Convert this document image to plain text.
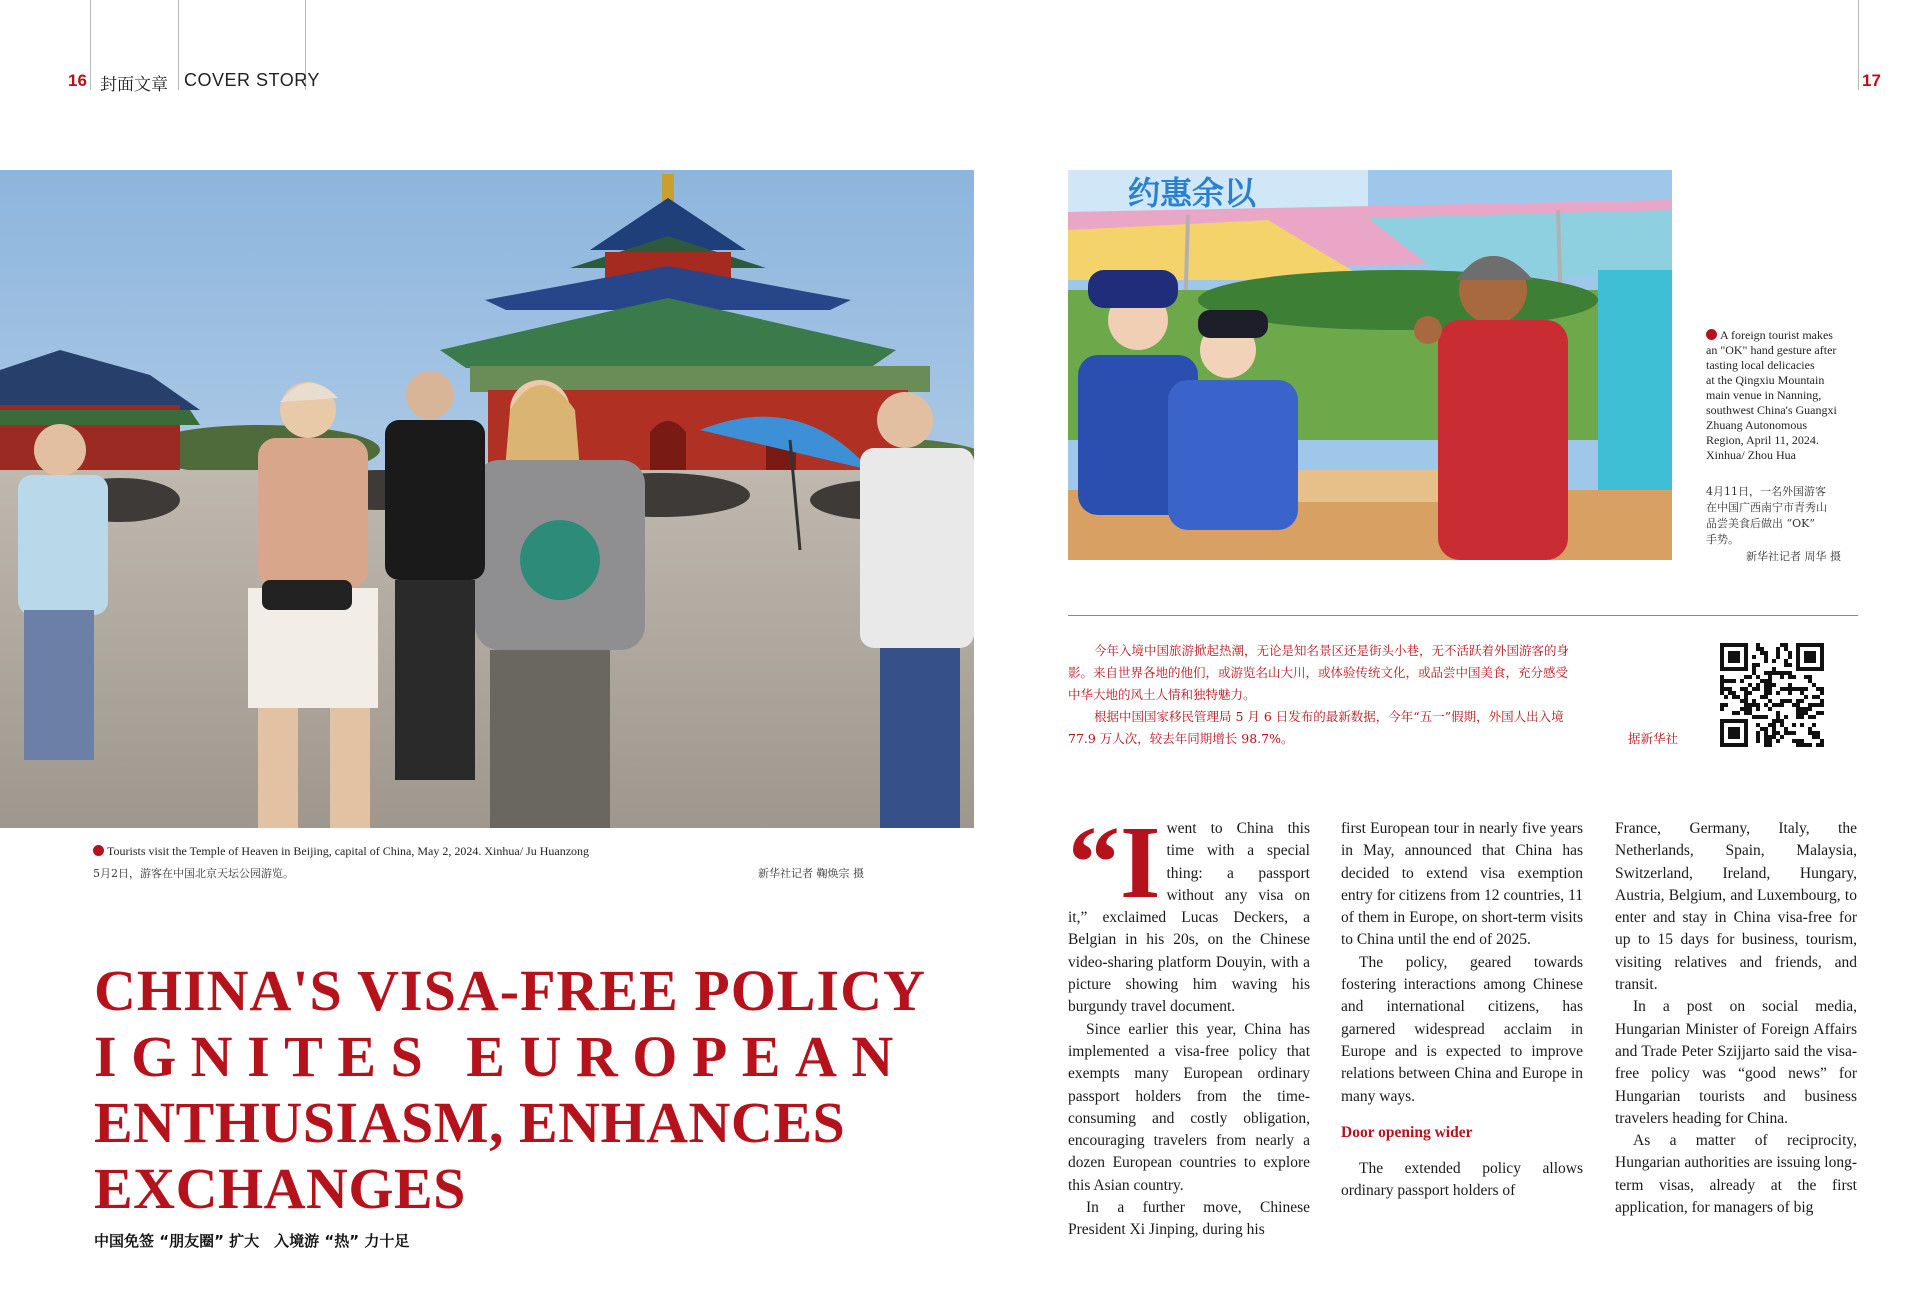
16 封面文章 COVER STORY	17
Tourists visit the Temple of Heaven in Beijing, capital of China, May 2, 2024. Xinhua/ Ju Huanzong
5月2日，游客在中国北京天坛公园游览。	新华社记者 鞠焕宗 摄
CHINA'S VISA-FREE POLICY
IGNITES EUROPEAN
ENTHUSIASM, ENHANCES
EXCHANGES
中国免签 “朋友圈” 扩大　入境游 “热” 力十足
约惠余以
A foreign tourist makes
an "OK" hand gesture after
tasting local delicacies
at the Qingxiu Mountain
main venue in Nanning,
southwest China's Guangxi
Zhuang Autonomous
Region, April 11, 2024.
Xinhua/ Zhou Hua
4月11日，一名外国游客
在中国广西南宁市青秀山
品尝美食后做出 “OK”
手势。
新华社记者 周华 摄
今年入境中国旅游掀起热潮，无论是知名景区还是街头小巷，无不活跃着外国游客的身
影。来自世界各地的他们，或游览名山大川，或体验传统文化，或品尝中国美食，充分感受
中华大地的风土人情和独特魅力。
根据中国国家移民管理局 5 月 6 日发布的最新数据，今年“五一”假期，外国人出入境
77.9 万人次，较去年同期增长 98.7%。	据新华社
“I went to China this time with a special thing: a passport without any visa on it,” exclaimed Lucas Deckers, a Belgian in his 20s, on the Chinese video-sharing platform Douyin, with a picture showing him waving his burgundy travel document.

Since earlier this year, China has implemented a visa-free policy that exempts many European ordinary passport holders from the time-consuming and costly obligation, encouraging travelers from nearly a dozen European countries to explore this Asian country.

In a further move, Chinese President Xi Jinping, during his

first European tour in nearly five years in May, announced that China has decided to extend visa exemption entry for citizens from 12 countries, 11 of them in Europe, on short-term visits to China until the end of 2025.

The policy, geared towards fostering interactions among Chinese and international citizens, has garnered widespread acclaim in Europe and is expected to improve relations between China and Europe in many ways.

Door opening wider

The extended policy allows ordinary passport holders of

France, Germany, Italy, the Netherlands, Spain, Malaysia, Switzerland, Ireland, Hungary, Austria, Belgium, and Luxembourg, to enter and stay in China visa-free for up to 15 days for business, tourism, visiting relatives and friends, and transit.

In a post on social media, Hungarian Minister of Foreign Affairs and Trade Peter Szijjarto said the visa-free policy was “good news” for Hungarian tourists and business travelers heading for China.

As a matter of reciprocity, Hungarian authorities are issuing long-term visas, already at the first application, for managers of big
